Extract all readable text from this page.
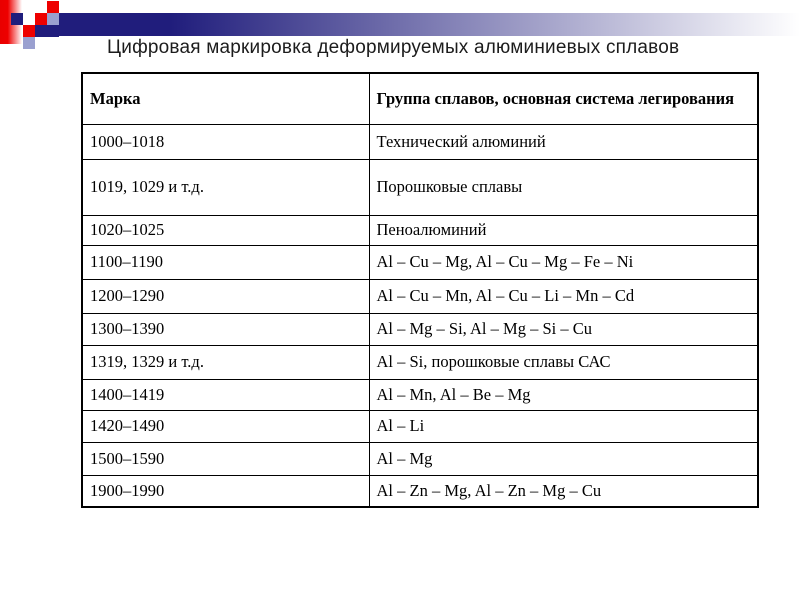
Цифровая маркировка деформируемых алюминиевых сплавов
Марка	Группа сплавов, основная система легирования
1000–1018	Технический алюминий
1019, 1029 и т.д.	Порошковые сплавы
1020–1025	Пеноалюминий
1100–1190	Al – Cu – Mg, Al – Cu – Mg – Fe – Ni
1200–1290	Al – Cu – Mn, Al – Cu – Li – Mn – Cd
1300–1390	Al – Mg – Si, Al – Mg – Si – Cu
1319, 1329 и т.д.	Al – Si, порошковые сплавы САС
1400–1419	Al – Mn, Al – Be – Mg
1420–1490	Al – Li
1500–1590	Al – Mg
1900–1990	Al – Zn – Mg, Al – Zn – Mg – Cu
